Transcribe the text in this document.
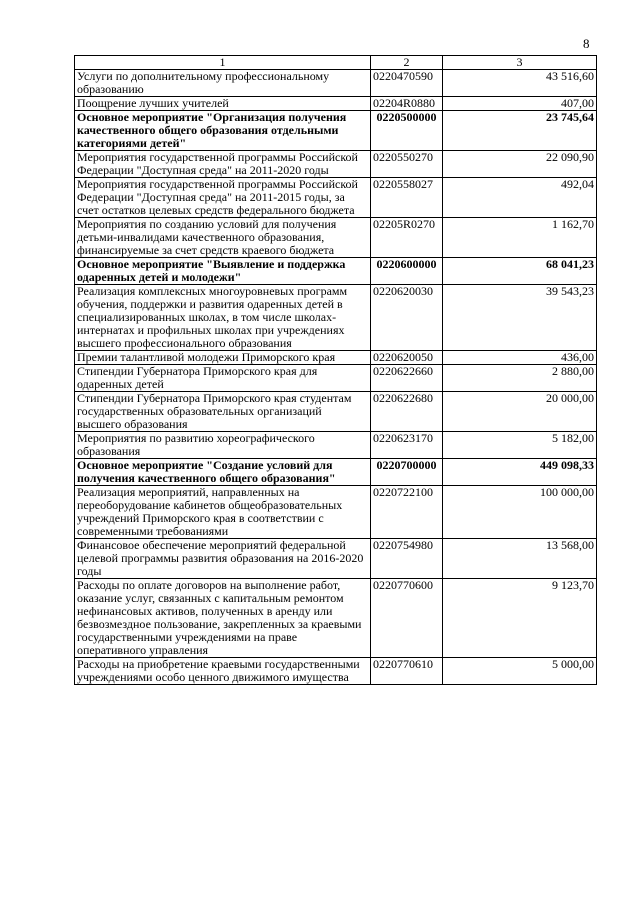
8
1	2	3
Услуги по дополнительному профессиональному образованию	0220470590	43 516,60
Поощрение лучших учителей	02204R0880	407,00
Основное мероприятие "Организация получения качественного общего образования отдельными категориями детей"	0220500000	23 745,64
Мероприятия государственной программы Российской Федерации "Доступная среда" на 2011-2020 годы	0220550270	22 090,90
Мероприятия государственной программы Российской Федерации "Доступная среда" на 2011-2015 годы, за счет остатков целевых средств федерального бюджета	0220558027	492,04
Мероприятия по созданию условий для получения детьми-инвалидами качественного образования, финансируемые за счет средств краевого бюджета	02205R0270	1 162,70
Основное мероприятие "Выявление и поддержка одаренных детей и молодежи"	0220600000	68 041,23
Реализация комплексных многоуровневых программ обучения, поддержки и развития одаренных детей в специализированных школах, в том числе школах-интернатах и профильных школах при учреждениях высшего профессионального образования	0220620030	39 543,23
Премии талантливой молодежи Приморского края	0220620050	436,00
Стипендии Губернатора Приморского края для одаренных детей	0220622660	2 880,00
Стипендии Губернатора Приморского края студентам государственных образовательных организаций высшего образования	0220622680	20 000,00
Мероприятия по развитию хореографического образования	0220623170	5 182,00
Основное мероприятие "Создание условий для получения качественного общего образования"	0220700000	449 098,33
Реализация мероприятий, направленных на переоборудование кабинетов общеобразовательных учреждений Приморского края в соответствии с современными требованиями	0220722100	100 000,00
Финансовое обеспечение мероприятий федеральной целевой программы развития образования на 2016-2020 годы	0220754980	13 568,00
Расходы по оплате договоров на выполнение работ, оказание услуг, связанных с капитальным ремонтом нефинансовых активов, полученных в аренду или безвозмездное пользование, закрепленных за краевыми государственными учреждениями на праве оперативного управления	0220770600	9 123,70
Расходы на приобретение краевыми государственными учреждениями особо ценного движимого имущества	0220770610	5 000,00
